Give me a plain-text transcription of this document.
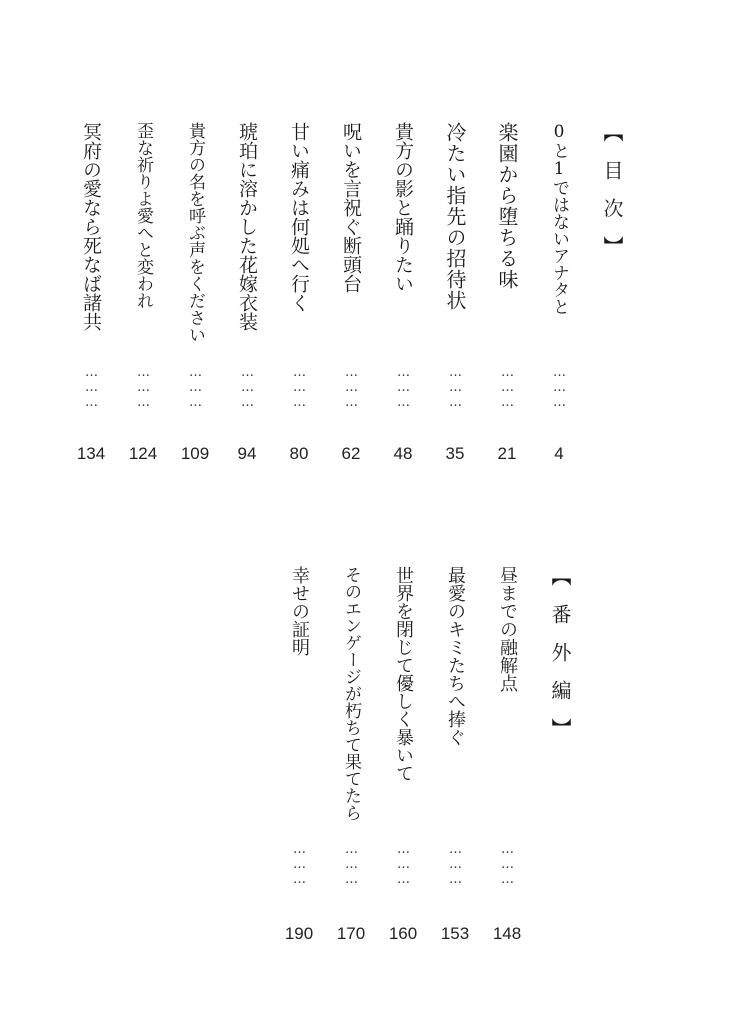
【目次】
0と1ではないアナタと
………
4
楽園から堕ちる味
………
21
冷たい指先の招待状
………
35
貴方の影と踊りたい
………
48
呪いを言祝ぐ断頭台
………
62
甘い痛みは何処へ行く
………
80
琥珀に溶かした花嫁衣装
………
94
貴方の名を呼ぶ声をください
………
109
歪な祈りよ愛へと変われ
………
124
冥府の愛なら死なば諸共
………
134
【番外編】
昼までの融解点
………
148
最愛のキミたちへ捧ぐ
………
153
世界を閉じて優しく暴いて
………
160
そのエンゲージが朽ちて果てたら
………
170
幸せの証明
………
190
